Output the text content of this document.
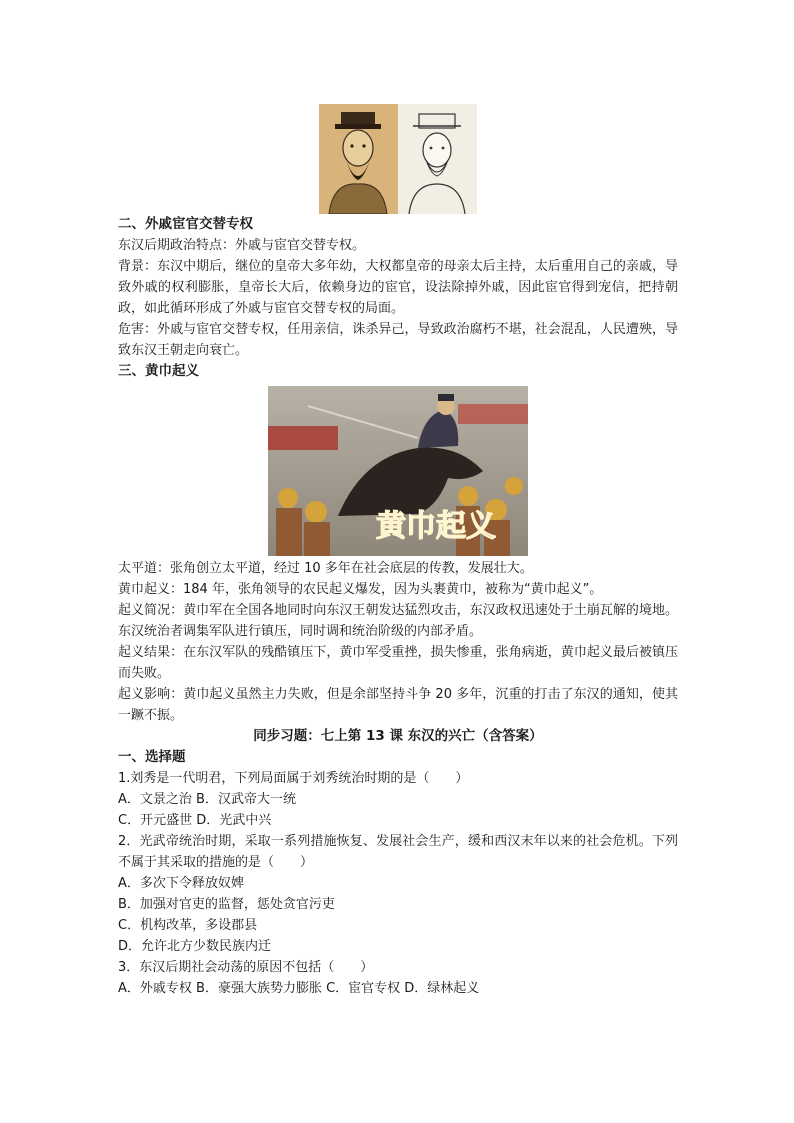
二、外戚宦官交替专权

东汉后期政治特点：外戚与宦官交替专权。

背景：东汉中期后，继位的皇帝大多年幼，大权都皇帝的母亲太后主持，太后重用自己的亲戚，导致外戚的权利膨胀，皇帝长大后，依赖身边的宦官，设法除掉外戚，因此宦官得到宠信，把持朝政，如此循环形成了外戚与宦官交替专权的局面。

危害：外戚与宦官交替专权，任用亲信，诛杀异己，导致政治腐朽不堪，社会混乱，人民遭殃，导致东汉王朝走向衰亡。

三、黄巾起义

黄巾起义

太平道：张角创立太平道，经过 10 多年在社会底层的传教，发展壮大。

黄巾起义：184 年，张角领导的农民起义爆发，因为头裹黄巾，被称为“黄巾起义”。

起义简况：黄巾军在全国各地同时向东汉王朝发达猛烈攻击，东汉政权迅速处于土崩瓦解的境地。东汉统治者调集军队进行镇压，同时调和统治阶级的内部矛盾。

起义结果：在东汉军队的残酷镇压下，黄巾军受重挫，损失惨重，张角病逝，黄巾起义最后被镇压而失败。

起义影响：黄巾起义虽然主力失败，但是余部坚持斗争 20 多年，沉重的打击了东汉的通知，使其一蹶不振。

同步习题：七上第 13 课 东汉的兴亡（含答案）

一、选择题

1.刘秀是一代明君，下列局面属于刘秀统治时期的是（　　）

A．文景之治 B．汉武帝大一统

C．开元盛世 D．光武中兴

2．光武帝统治时期，采取一系列措施恢复、发展社会生产，缓和西汉末年以来的社会危机。下列不属于其采取的措施的是（　　）

A．多次下令释放奴婢

B．加强对官吏的监督，惩处贪官污吏

C．机构改革，多设郡县

D．允许北方少数民族内迁

3．东汉后期社会动荡的原因不包括（　　）

A．外戚专权 B．豪强大族势力膨胀 C．宦官专权 D．绿林起义
